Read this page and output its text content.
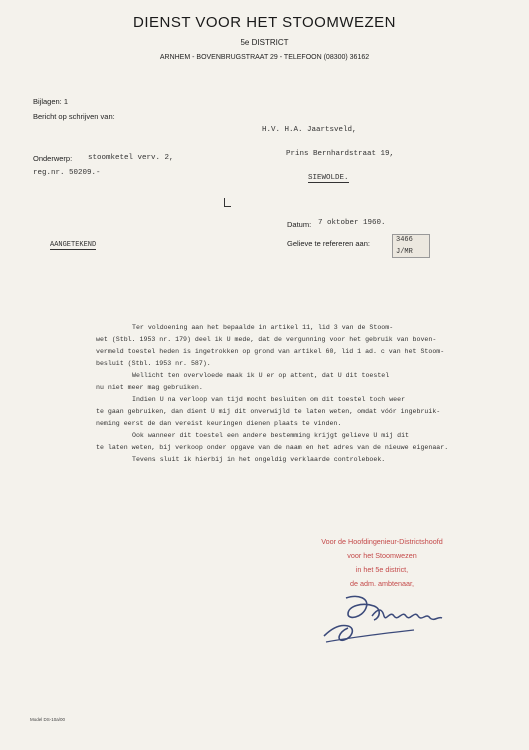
DIENST VOOR HET STOOMWEZEN
5e DISTRICT
ARNHEM - BOVENBRUGSTRAAT 29 - TELEFOON (08300) 36162
Bijlagen: 1
Bericht op schrijven van:
H.V. H.A. Jaartsveld,
Prins Bernhardstraat 19,
SIEWOLDE.
Onderwerp: stoomketel verv. 2,
reg.nr. 50209.-
Datum: 7 oktober 1960.
Gelieve te refereren aan:	3466
J/MR
AANGETEKEND
Ter voldoening aan het bepaalde in artikel 11, lid 3 van de Stoom-
wet (Stbl. 1953 nr. 179) deel ik U mede, dat de vergunning voor het gebruik van boven-
vermeld toestel heden is ingetrokken op grond van artikel 60, lid 1 ad. c van het Stoom-
besluit (Stbl. 1953 nr. 587).
Wellicht ten overvloede maak ik U er op attent, dat U dit toestel
nu niet meer mag gebruiken.
Indien U na verloop van tijd mocht besluiten om dit toestel toch weer
te gaan gebruiken, dan dient U mij dit onverwijld te laten weten, omdat vóór ingebruik-
neming eerst de dan vereist keuringen dienen plaats te vinden.
Ook wanneer dit toestel een andere bestemming krijgt gelieve U mij dit
te laten weten, bij verkoop onder opgave van de naam en het adres van de nieuwe eigenaar.
Tevens sluit ik hierbij in het ongeldig verklaarde controleboek.
Voor de Hoofdingenieur-Districtshoofd
voor het Stoomwezen
in het 5e district,
de adm. ambtenaar,
Model DS-10a/00
